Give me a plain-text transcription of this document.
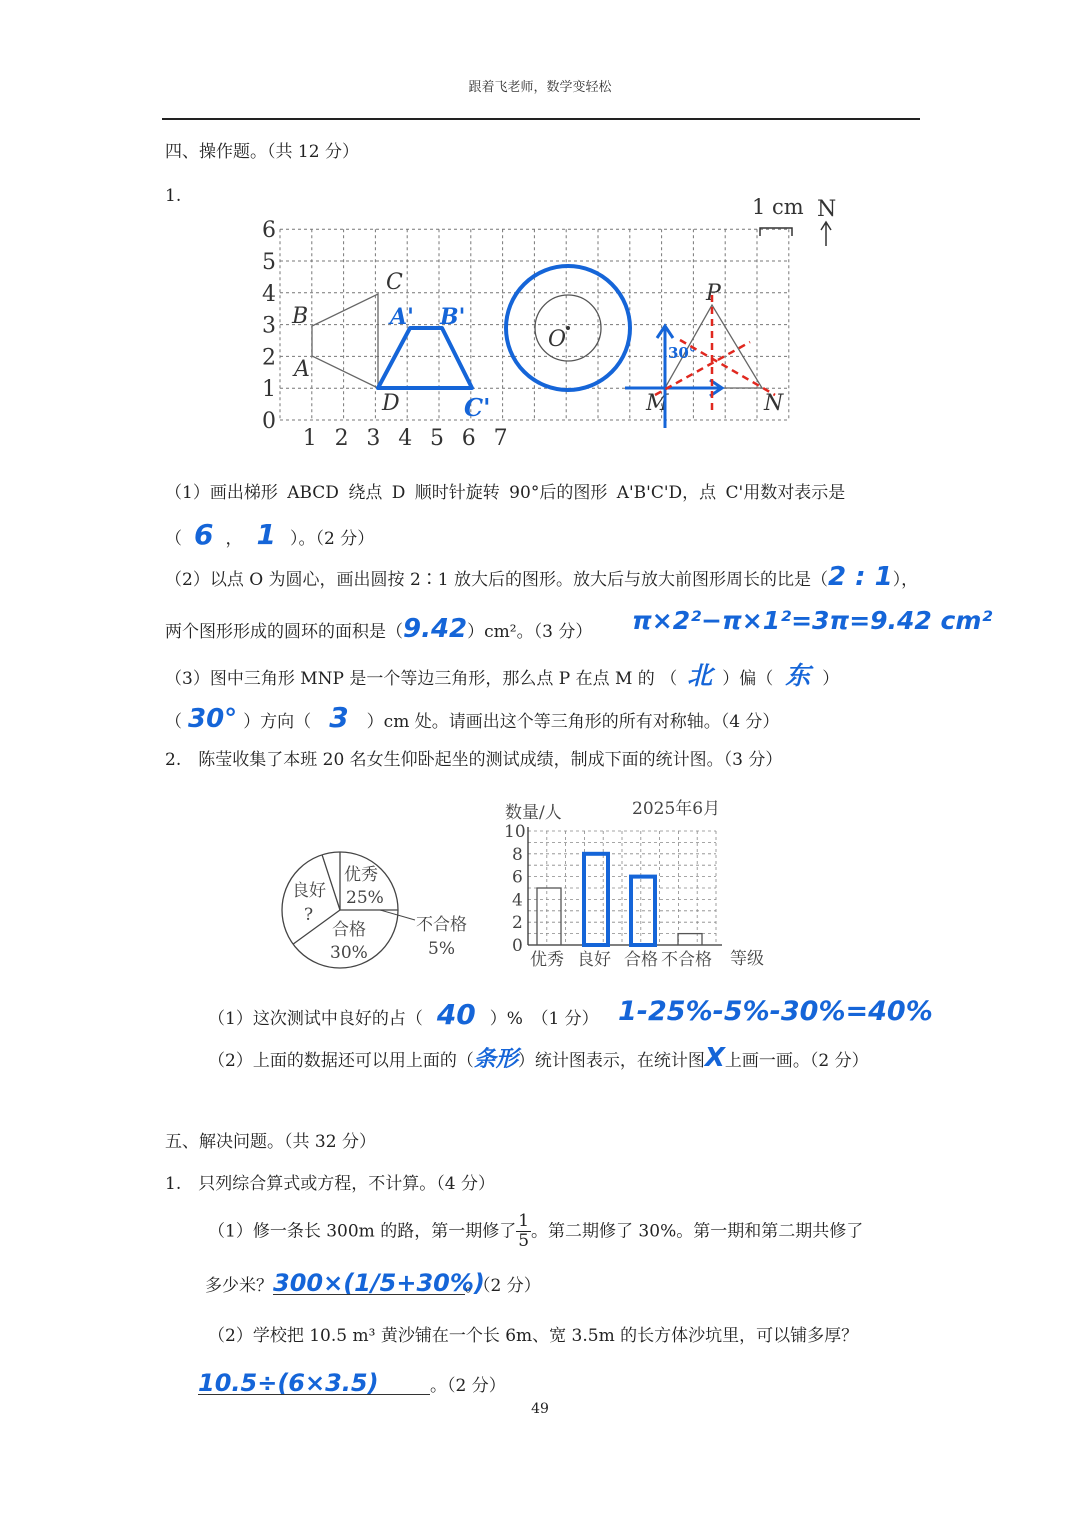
跟着飞老师，数学变轻松
四、操作题。（共 12 分）
1.
0
1
2
3
4
5
6
1 2 3 4 5 6 7
1 cm N
A
B
C
D
A' B'
C'
O
P
M	N
30°
（1）画出梯形 ABCD 绕点 D 顺时针旋转 90°后的图形 A'B'C'D，点 C'用数对表示是
（ 6 ， 1 ）。（2 分）
（2）以点 O 为圆心，画出圆按 2∶1 放大后的图形。放大后与放大前图形周长的比是（2 : 1），
两个图形形成的圆环的面积是（9.42）cm²。（3 分） π×2²−π×1²=3π=9.42 cm²
（3）图中三角形 MNP 是一个等边三角形，那么点 P 在点 M 的 （ 北 ）偏（ 东 ）
（ 30° ）方向（ 3 ）cm 处。请画出这个等三角形的所有对称轴。（4 分）
2.　陈莹收集了本班 20 名女生仰卧起坐的测试成绩，制成下面的统计图。（3 分）
良好
?
优秀
25%
合格
30%
不合格
5%
数量/人	2025年6月
0
2
4
6
8
10
优秀 良好 合格 不合格 等级
（1）这次测试中良好的占（ 40 ）%　（1 分） 1-25%-5%-30%=40%
（2）上面的数据还可以用上面的（条形）统计图表示，在统计图X上画一画。（2 分）
五、解决问题。（共 32 分）
1.　只列综合算式或方程，不计算。（4 分）
（1）修一条长 300m 的路，第一期修了 $\frac{1}{5}$ 。第二期修了 30%。第一期和第二期共修了
多少米？300×(1/5+30%)。（2 分）
（2）学校把 10.5 m³ 黄沙铺在一个长 6m、宽 3.5m 的长方体沙坑里，可以铺多厚？
10.5÷(6×3.5)	。（2 分）
49
